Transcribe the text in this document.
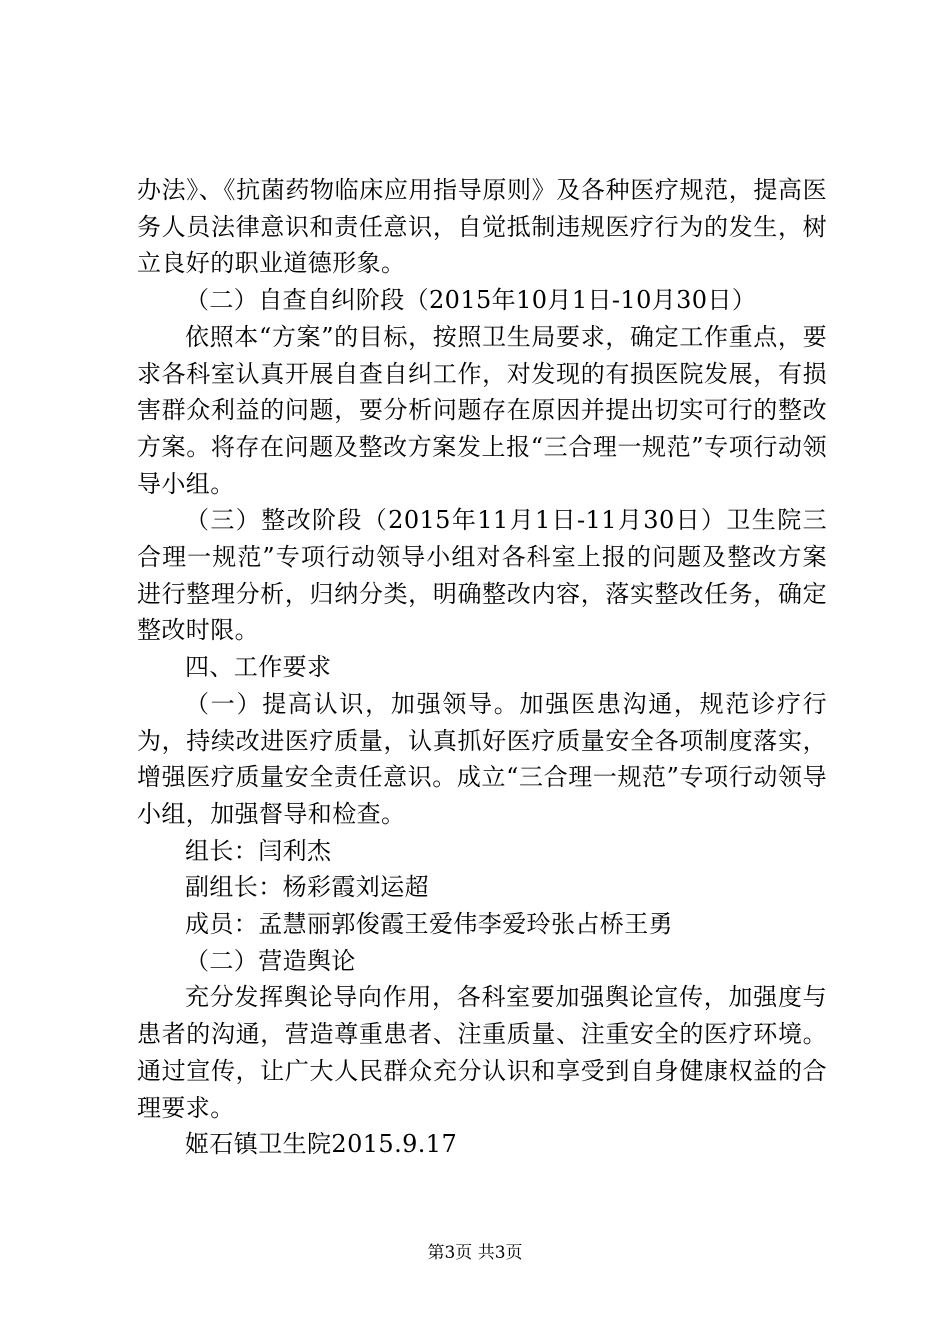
办法》、《抗菌药物临床应用指导原则》及各种医疗规范，提高医务人员法律意识和责任意识，自觉抵制违规医疗行为的发生，树立良好的职业道德形象。

（二）自查自纠阶段（2015年10月1日-10月30日）

依照本“方案”的目标，按照卫生局要求，确定工作重点，要求各科室认真开展自查自纠工作，对发现的有损医院发展，有损害群众利益的问题，要分析问题存在原因并提出切实可行的整改方案。将存在问题及整改方案发上报“三合理一规范”专项行动领导小组。

（三）整改阶段（2015年11月1日-11月30日）卫生院三合理一规范”专项行动领导小组对各科室上报的问题及整改方案进行整理分析，归纳分类，明确整改内容，落实整改任务，确定整改时限。

四、工作要求

（一）提高认识，加强领导。加强医患沟通，规范诊疗行为，持续改进医疗质量，认真抓好医疗质量安全各项制度落实，增强医疗质量安全责任意识。成立“三合理一规范”专项行动领导小组，加强督导和检查。

组长：闫利杰

副组长：杨彩霞刘运超

成员：孟慧丽郭俊霞王爱伟李爱玲张占桥王勇

（二）营造舆论

充分发挥舆论导向作用，各科室要加强舆论宣传，加强度与患者的沟通，营造尊重患者、注重质量、注重安全的医疗环境。通过宣传，让广大人民群众充分认识和享受到自身健康权益的合理要求。

姬石镇卫生院2015.9.17

第3页 共3页
